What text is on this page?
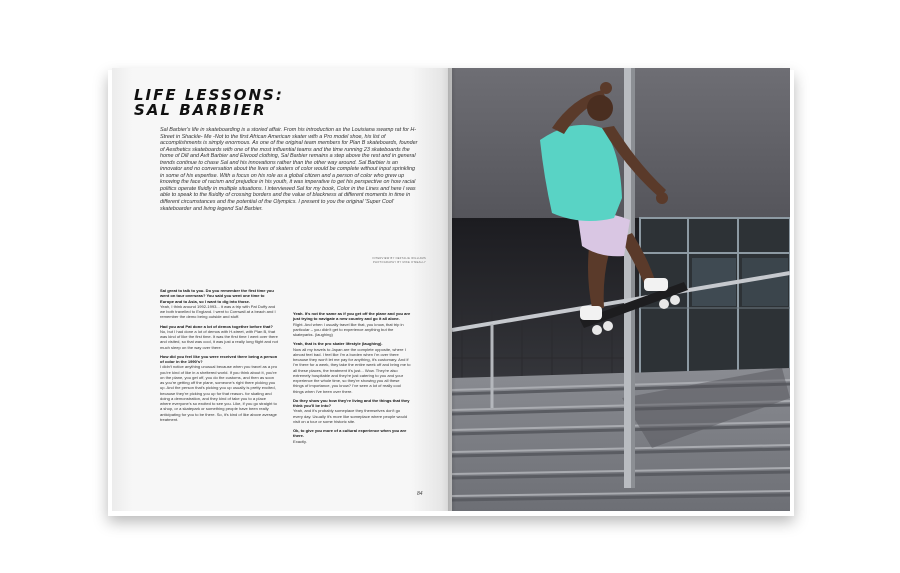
LIFE LESSONS:
SAL BARBIER

Sal Barbier's life in skateboarding is a storied affair. From his introduction as the Louisiana swamp rat for H-Street in Shackle- Me -Not to the first African American skater with a Pro model shoe, his list of accomplishments is simply enormous. As one of the original team members for Plan B skateboards, founder of Aesthetics skateboards with one of the most influential teams and the time running 23 skateboards the home of Dill and Avit Barbier and Elwood clothing, Sal Barbier remains a step above the rest and in general trends continue to chase Sal and his innovations rather than the other way around. Sal Barbier is an innovator and no conversation about the lives of skaters of color would be complete without input sprinkling in some of his expertise. With a focus on his role as a global citizen and a person of color who grew up knowing the face of racism and prejudice in his youth, it was imperative to get his perspective on how racial politics operate fluidly in multiple situations. I interviewed Sal for my book, Color in the Lines and here I was able to speak to the fluidity of crossing borders and the value of blackness at different moments in time in different circumstances and the potential of the Olympics. I present to you the original 'Super Cool' skateboarder and living legend Sal Barbier.

INTERVIEW BY NEFTALIE WILLIAMS
PHOTOGRAPHY BY MIKE O'MEALLY

Sal great to talk to you. Do you remember the first time you went on tour overseas? You said you went one time to Europe and to Asia, so I want to dig into those.
Yeah, I think around 1992-1993... it was a trip with Pat Duffy and we both travelled to England. I went to Cornwall at a beach and I remember the demo being outside and stuff.

Had you and Pat done a lot of demos together before that?
No, but I had done a lot of demos with H-street, with Plan B, that was kind of like the first time. It was the first time I went over there and visited, so that was cool, it was just a really long flight and not much sleep on the way over there.

How did you feel like you were received there being a person of color in the 1990's?
I didn't notice anything unusual because when you travel as a pro you're kind of like in a sheltered world. If you think about it, you're on the plane, you get off, you do the customs, and then as soon as you're getting off the plane, someone's right there picking you up. And the person that's picking you up usually is pretty excited, because they're picking you up for that reason- for skating and doing a demonstration, and they kind of take you to a place where everyone's so excited to see you. Like, if you go straight to a shop, or a skatepark or something people have been really anticipating for you to be there. So, it's kind of like above average treatment.

Yeah. It's not the same as if you get off the plane and you are just trying to navigate a new country and go it all alone.
Right. And when I usually travel like that, you know, that trip in particular – you didn't get to experience anything but the skateparks. (laughing)

Yeah, that is the pro skater lifestyle (laughing).
Now all my travels to Japan are the complete opposite, where I almost feel bad. I feel like I'm a burden when I'm over there because they won't let me pay for anything, it's customary. And if I'm there for a week, they take the entire week off and bring me to all these places, the treatment it's just... Wow. They're also extremely hospitable and they're just catering to you and your experience the whole time, so they're showing you all these things of importance, you know? I've seen a lot of really cool things when I've been over there.

Do they show you how they're living and the things that they think you'll be into?
Yeah, and it's probably someplace they themselves don't go every day. Usually it's more like someplace where people would visit on a tour or some historic site.

Ok, to give you more of a cultural experience when you are there.
Exactly.

84
